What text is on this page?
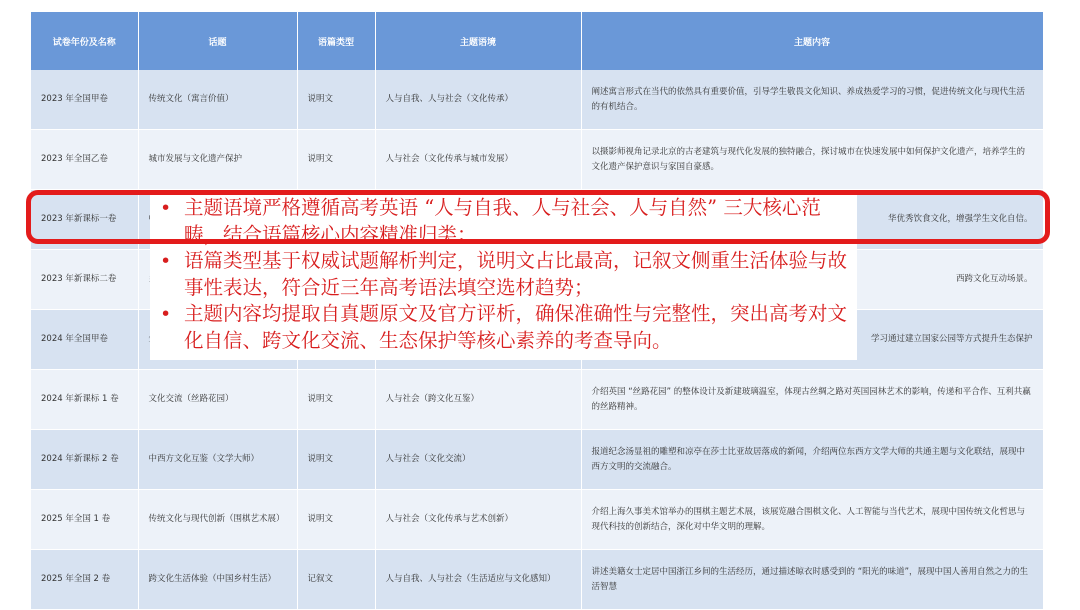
试卷年份及名称	话题	语篇类型	主题语境	主题内容
2023 年全国甲卷	传统文化（寓言价值）	说明文	人与自我、人与社会（文化传承）	阐述寓言形式在当代的依然具有重要价值，引导学生敬畏文化知识、养成热爱学习的习惯，促进传统文化与现代生活的有机结合。
2023 年全国乙卷	城市发展与文化遗产保护	说明文	人与社会（文化传承与城市发展）	以摄影师视角记录北京的古老建筑与现代化发展的独特融合，探讨城市在快速发展中如何保护文化遗产，培养学生的文化遗产保护意识与家国自豪感。
2023 年新课标一卷				华优秀饮食文化，增强学生文化自信。
2023 年新课标二卷				西跨文化互动场景。
2024 年全国甲卷				学习通过建立国家公园等方式提升生态保护
2024 年新课标 1 卷	文化交流（丝路花园）	说明文	人与社会（跨文化互鉴）	介绍英国 “丝路花园” 的整体设计及新建玻璃温室，体现古丝绸之路对英国园林艺术的影响，传递和平合作、互利共赢的丝路精神。
2024 年新课标 2 卷	中西方文化互鉴（文学大师）	说明文	人与社会（文化交流）	报道纪念汤显祖的雕塑和凉亭在莎士比亚故居落成的新闻，介绍两位东西方文学大师的共通主题与文化联结，展现中西方文明的交流融合。
2025 年全国 1 卷	传统文化与现代创新（围棋艺术展）	说明文	人与社会（文化传承与艺术创新）	介绍上海久事美术馆举办的围棋主题艺术展，该展览融合围棋文化、人工智能与当代艺术，展现中国传统文化哲思与现代科技的创新结合，深化对中华文明的理解。
2025 年全国 2 卷	跨文化生活体验（中国乡村生活）	记叙文	人与自我、人与社会（生活适应与文化感知）	讲述美籍女士定居中国浙江乡间的生活经历，通过描述晾衣时感受到的 “阳光的味道”，展现中国人善用自然之力的生活智慧
• 主题语境严格遵循高考英语 “人与自我、人与社会、人与自然” 三大核心范畴，结合语篇核心内容精准归类；
• 语篇类型基于权威试题解析判定，说明文占比最高，记叙文侧重生活体验与故事性表达，符合近三年高考语法填空选材趋势；
• 主题内容均提取自真题原文及官方评析，确保准确性与完整性，突出高考对文化自信、跨文化交流、生态保护等核心素养的考查导向。
